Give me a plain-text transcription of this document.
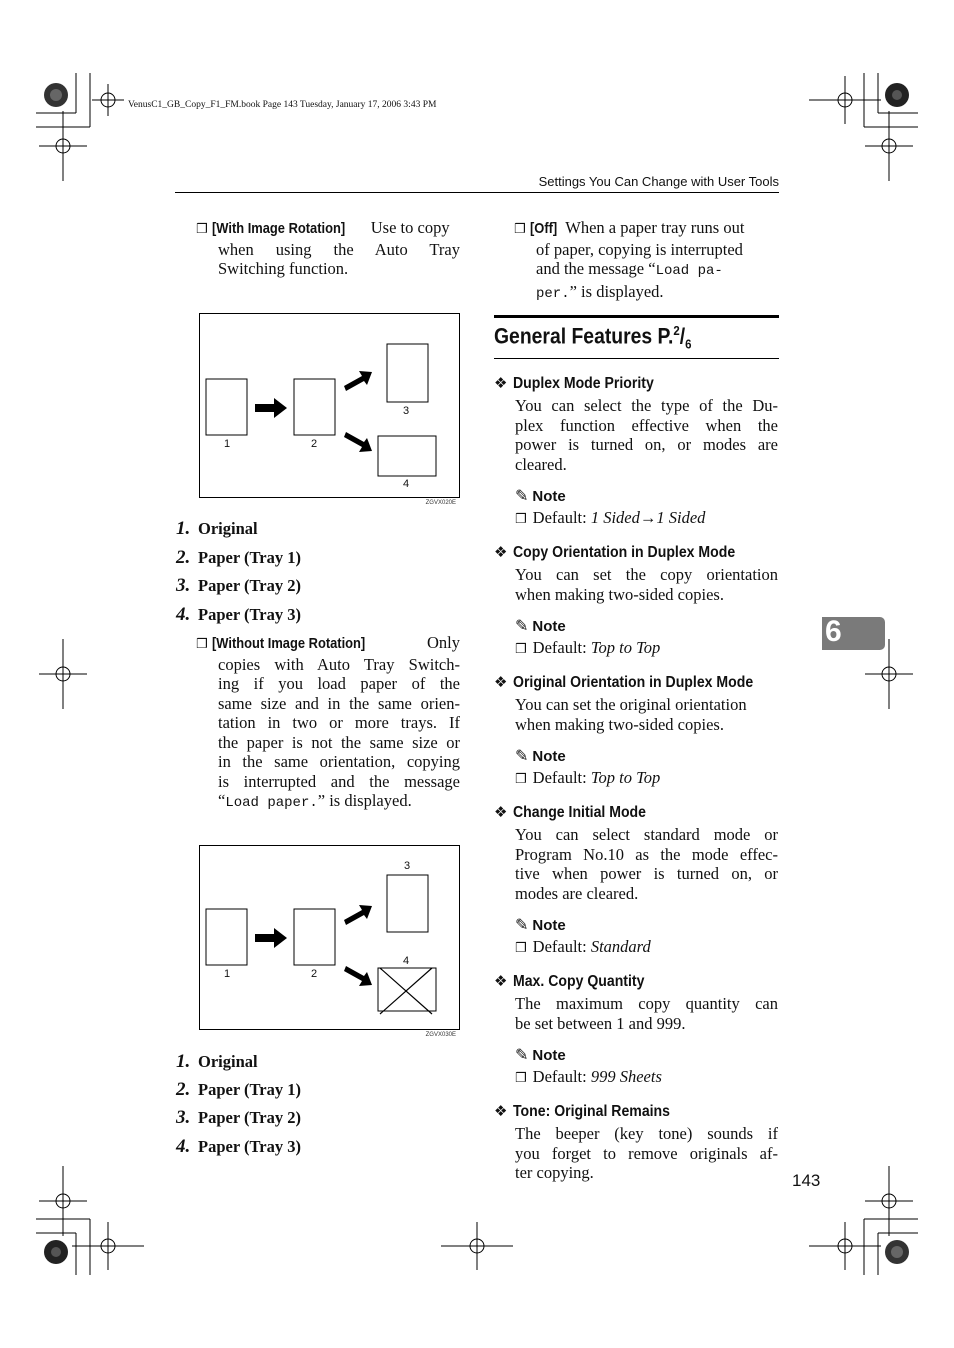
VenusC1_GB_Copy_F1_FM.book Page 143 Tuesday, January 17, 2006 3:43 PM
Settings You Can Change with User Tools
❒ [With Image Rotation] Use to copy
when using the Auto Tray
Switching function.
1	2
3
4
ZGVX020E
1. Original
2. Paper (Tray 1)
3. Paper (Tray 2)
4. Paper (Tray 3)
❒ [Without Image Rotation]	Only
copies with Auto Tray Switch-
ing if you load paper of the
same size and in the same orien-
tation in two or more trays. If
the paper is not the same size or
in the same orientation, copying
is interrupted and the message
“Load paper.” is displayed.
1	2
3
4
ZGVX030E
1. Original
2. Paper (Tray 1)
3. Paper (Tray 2)
4. Paper (Tray 3)
❒ [Off] When a paper tray runs out
of paper, copying is interrupted
and the message “Load pa-
per.” is displayed.
General Features $P.^2/_6$
❖ Duplex Mode Priority
You can select the type of the Du-
plex function effective when the
power is turned on, or modes are
cleared.
✎ Note
❒ Default: 1 Sided→1 Sided
❖ Copy Orientation in Duplex Mode
You can set the copy orientation
when making two-sided copies.
✎ Note
❒ Default: Top to Top
❖ Original Orientation in Duplex Mode
You can set the original orientation
when making two-sided copies.
✎ Note
❒ Default: Top to Top
❖ Change Initial Mode
You can select standard mode or
Program No.10 as the mode effec-
tive when power is turned on, or
modes are cleared.
✎ Note
❒ Default: Standard
❖ Max. Copy Quantity
The maximum copy quantity can
be set between 1 and 999.
✎ Note
❒ Default: 999 Sheets
❖ Tone: Original Remains
The beeper (key tone) sounds if
you forget to remove originals af-
ter copying.
6
143
